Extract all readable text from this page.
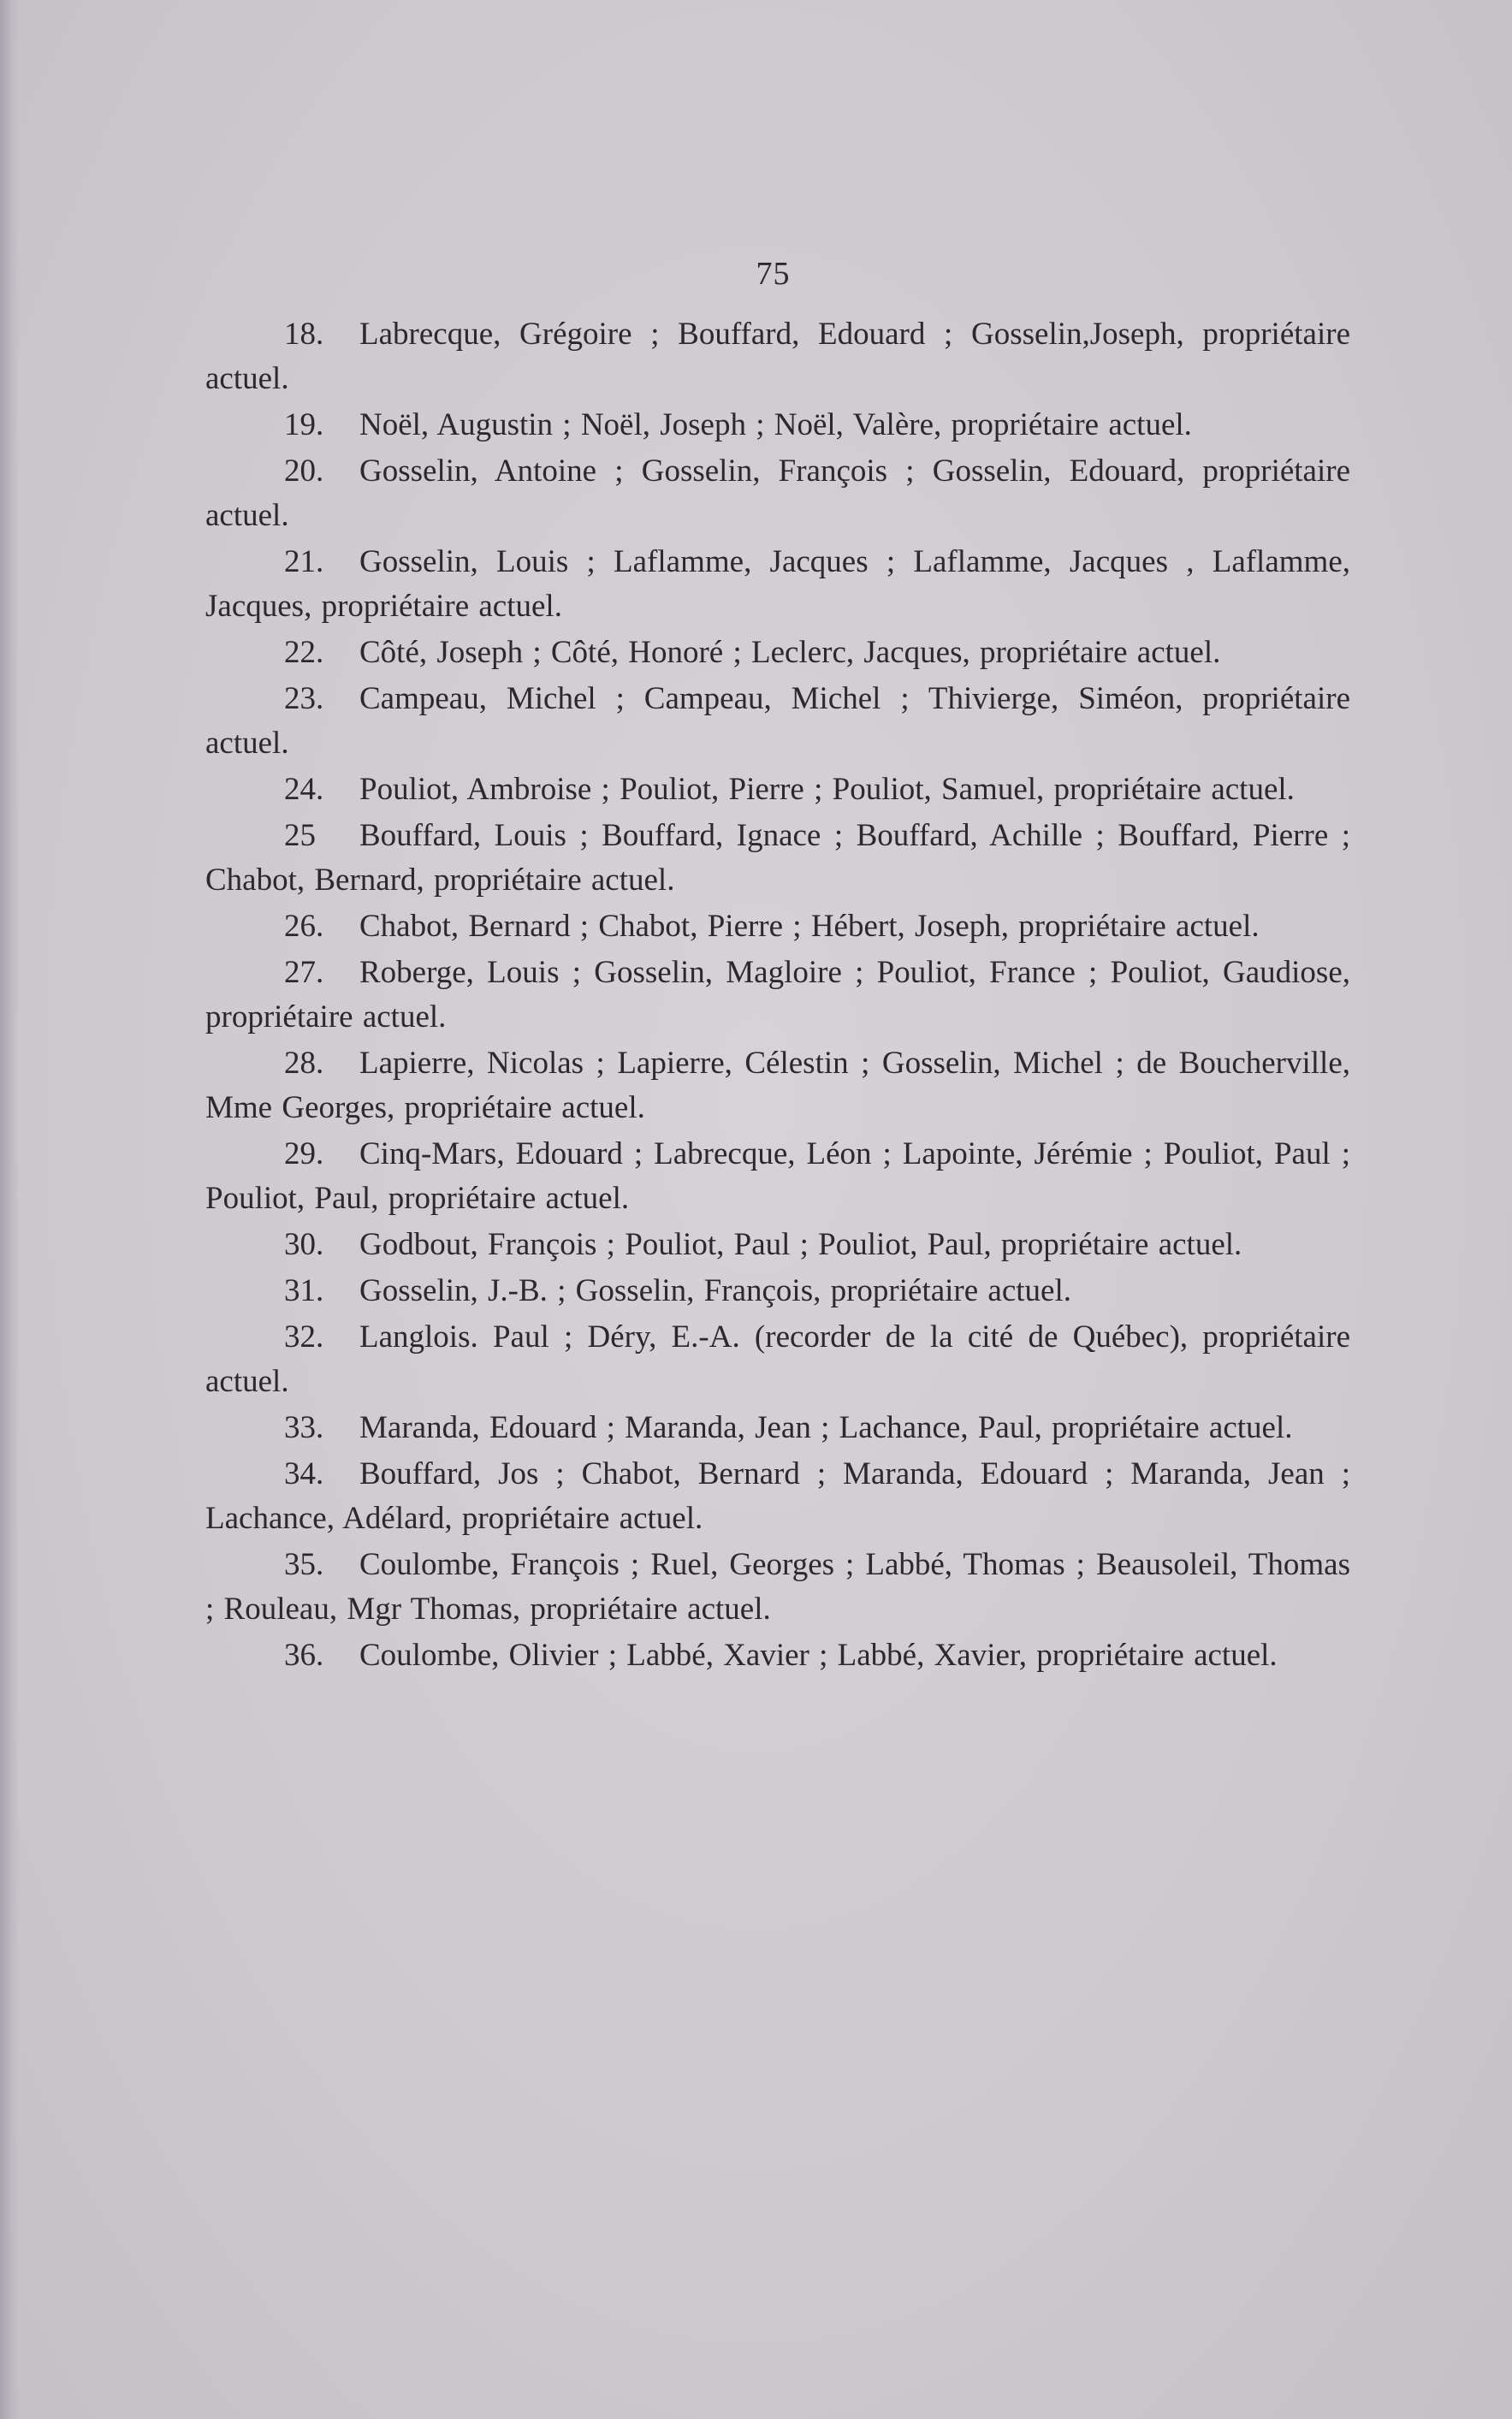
75
18. Labrecque, Grégoire ; Bouffard, Edouard ; Gosselin,Joseph, propriétaire actuel.
19. Noël, Augustin ; Noël, Joseph ; Noël, Valère, propriétaire actuel.
20. Gosselin, Antoine ; Gosselin, François ; Gosselin, Edouard, propriétaire actuel.
21. Gosselin, Louis ; Laflamme, Jacques ; Laflamme, Jacques , Laflamme, Jacques, propriétaire actuel.
22. Côté, Joseph ; Côté, Honoré ; Leclerc, Jacques, propriétaire actuel.
23. Campeau, Michel ; Campeau, Michel ; Thivierge, Siméon, propriétaire actuel.
24. Pouliot, Ambroise ; Pouliot, Pierre ; Pouliot, Samuel, propriétaire actuel.
25 Bouffard, Louis ; Bouffard, Ignace ; Bouffard, Achille ; Bouffard, Pierre ; Chabot, Bernard, propriétaire actuel.
26. Chabot, Bernard ; Chabot, Pierre ; Hébert, Joseph, propriétaire actuel.
27. Roberge, Louis ; Gosselin, Magloire ; Pouliot, France ; Pouliot, Gaudiose, propriétaire actuel.
28. Lapierre, Nicolas ; Lapierre, Célestin ; Gosselin, Michel ; de Boucherville, Mme Georges, propriétaire actuel.
29. Cinq-Mars, Edouard ; Labrecque, Léon ; Lapointe, Jérémie ; Pouliot, Paul ; Pouliot, Paul, propriétaire actuel.
30. Godbout, François ; Pouliot, Paul ; Pouliot, Paul, propriétaire actuel.
31. Gosselin, J.-B. ; Gosselin, François, propriétaire actuel.
32. Langlois. Paul ; Déry, E.-A. (recorder de la cité de Québec), propriétaire actuel.
33. Maranda, Edouard ; Maranda, Jean ; Lachance, Paul, propriétaire actuel.
34. Bouffard, Jos ; Chabot, Bernard ; Maranda, Edouard ; Maranda, Jean ; Lachance, Adélard, propriétaire actuel.
35. Coulombe, François ; Ruel, Georges ; Labbé, Thomas ; Beausoleil, Thomas ; Rouleau, Mgr Thomas, propriétaire actuel.
36. Coulombe, Olivier ; Labbé, Xavier ; Labbé, Xavier, propriétaire actuel.
